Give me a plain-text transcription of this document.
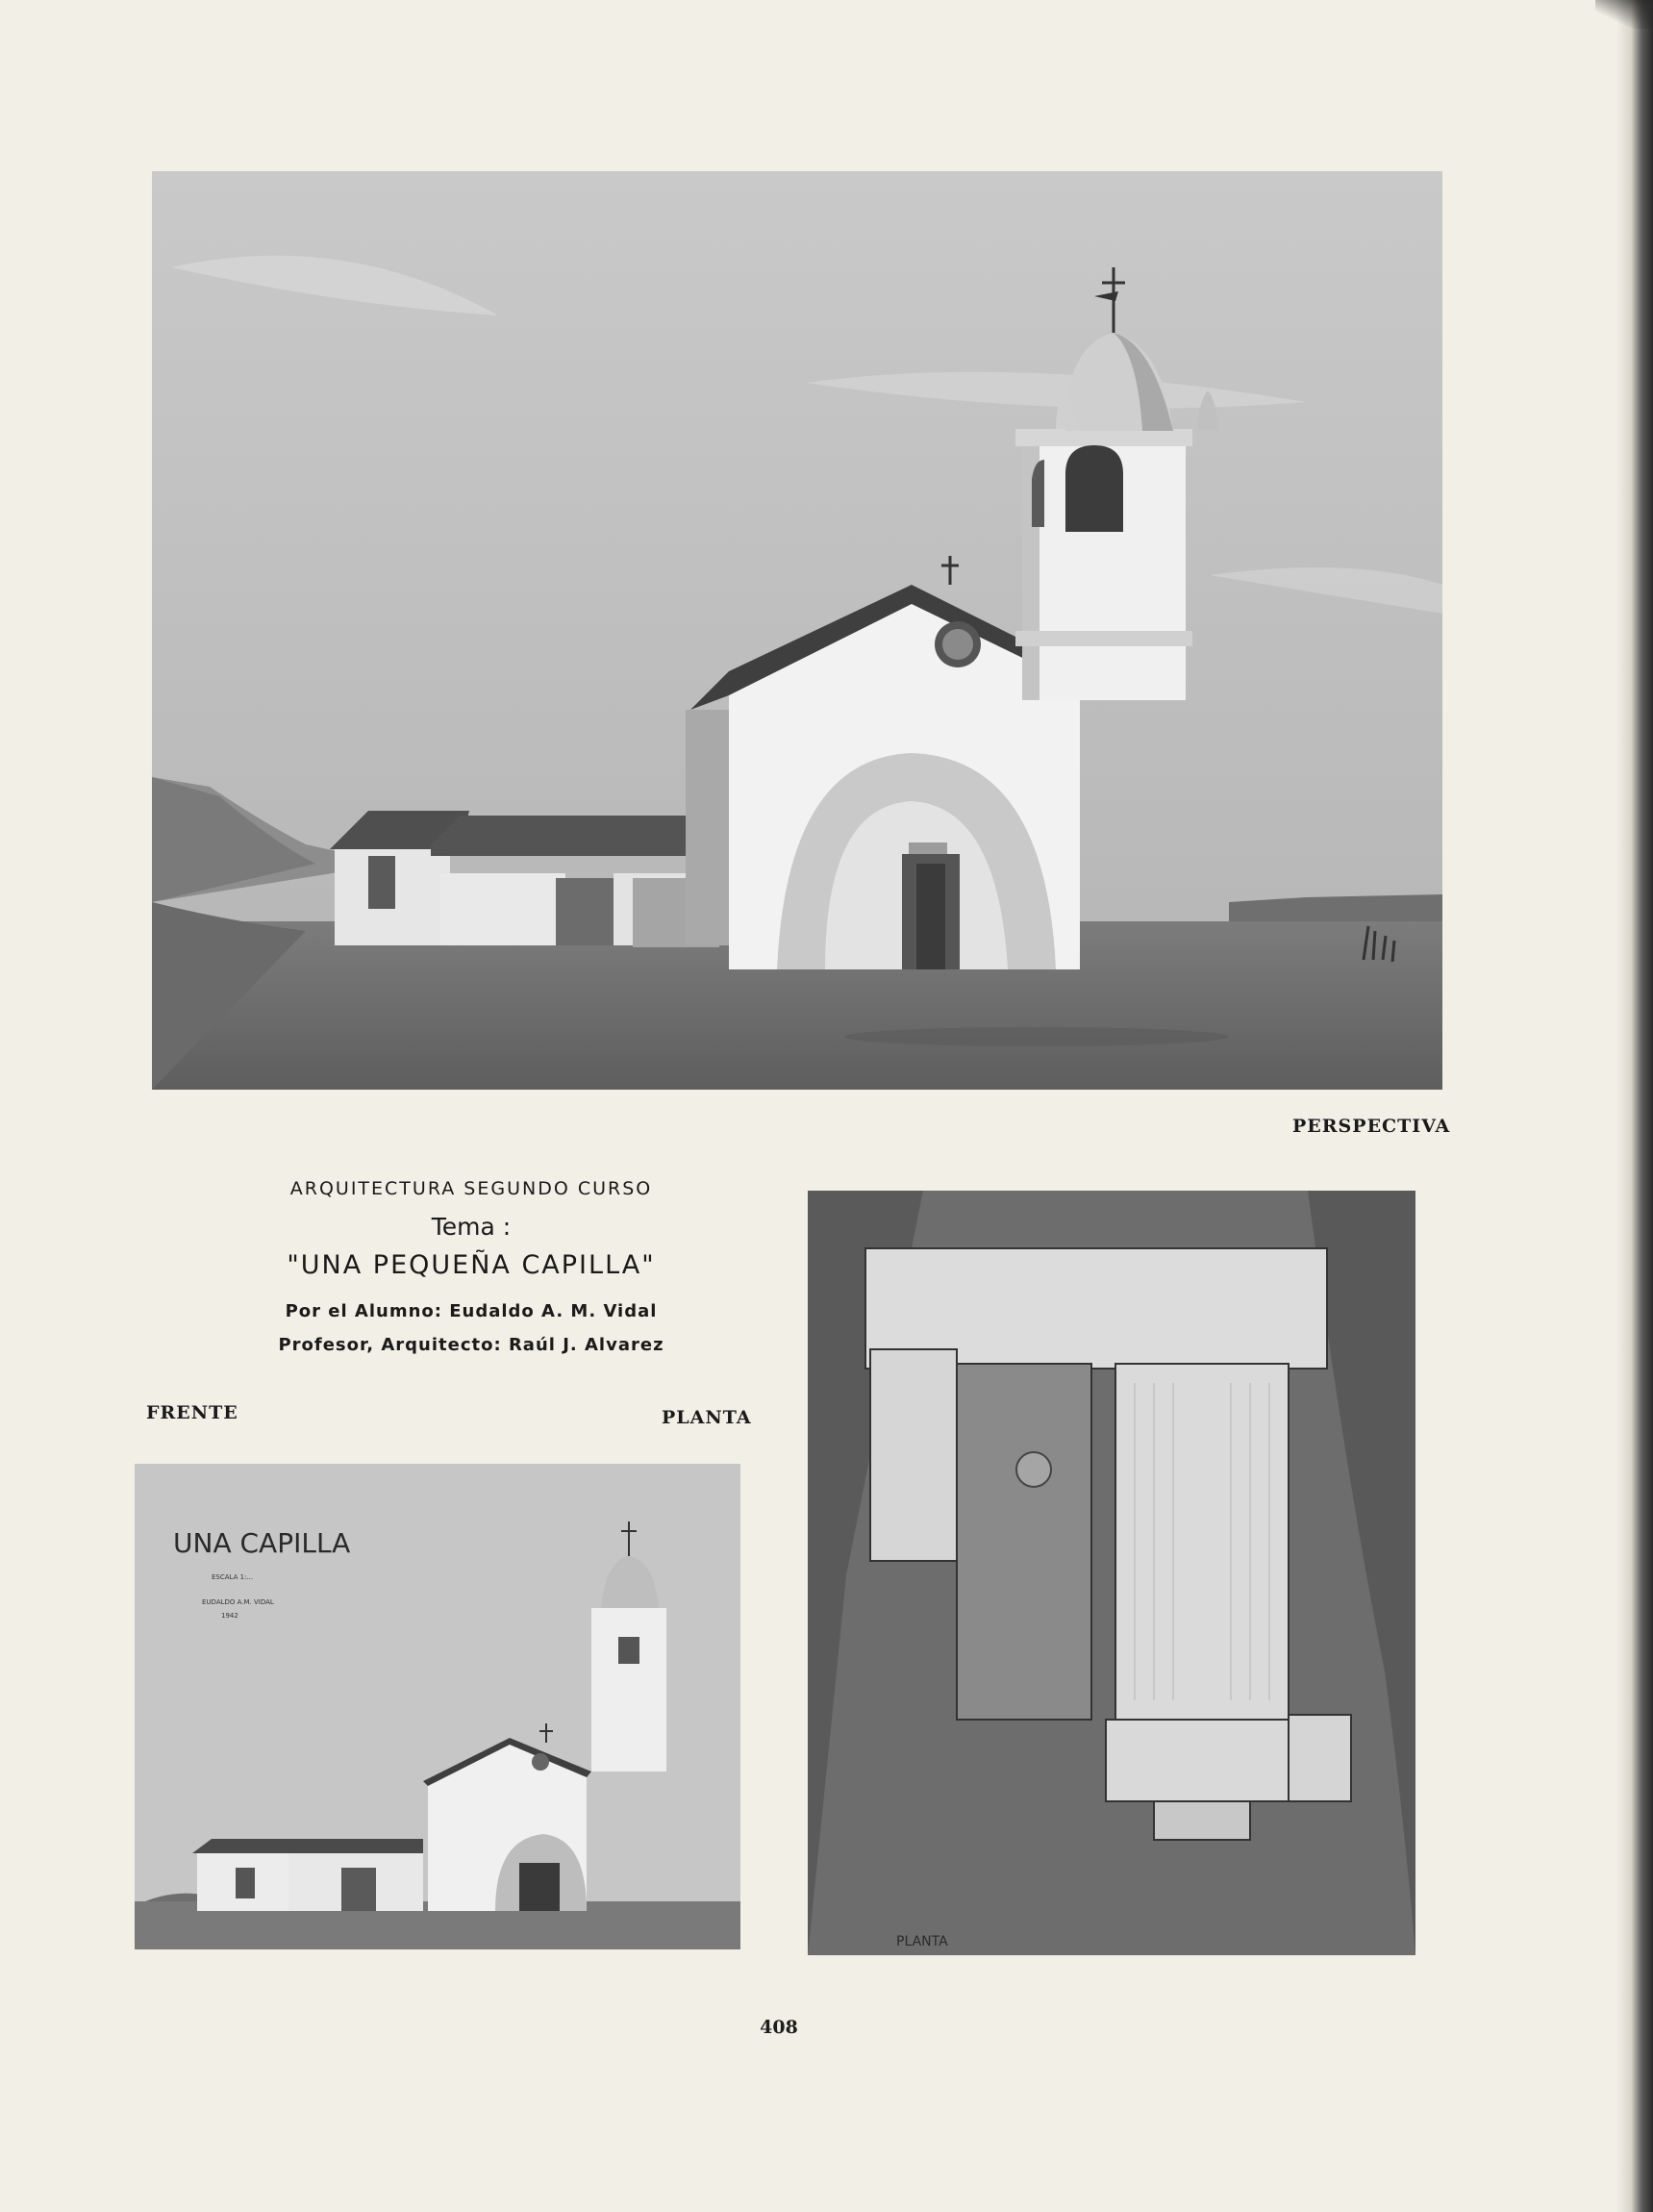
PERSPECTIVA
ARQUITECTURA SEGUNDO CURSO
Tema :
"UNA PEQUEÑA CAPILLA"
Por el Alumno: Eudaldo A. M. Vidal
Profesor, Arquitecto: Raúl J. Alvarez
FRENTE	PLANTA
UNA CAPILLA
ESCALA 1:...
EUDALDO A.M. VIDAL
1942
PLANTA
408
